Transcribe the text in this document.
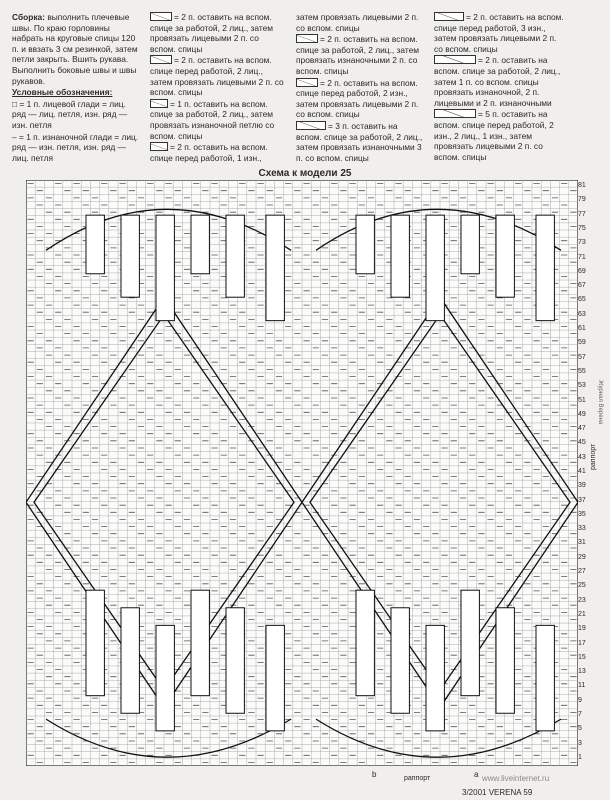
Сборка: выполнить плечевые швы. По краю горловины набрать на круговые спицы 120 п. и ввзать 3 см резинкой, затем петли закрыть. Вшить рукава. Выполнить боковые швы и швы рукавов.

Условные обозначения:

□ = 1 п. лицевой глади = лиц. ряд — лиц. петля, изн. ряд — изн. петля

– = 1 п. изнаночной глади = лиц. ряд — изн. петля, изн. ряд — лиц. петля

= 2 п. оставить на вспом. спице за работой, 2 лиц., затем провязать лицевыми 2 п. со вспом. спицы

= 2 п. оставить на вспом. спице перед работой, 2 лиц., затем провязать лицевыми 2 п. со вспом. спицы

= 1 п. оставить на вспом. спице за работой, 2 лиц., затем провязать изнаночной петлю со вспом. спицы

= 2 п. оставить на вспом. спице перед работой, 1 изн.,

затем провязать лицевыми 2 п. со вспом. спицы

= 2 п. оставить на вспом. спице за работой, 2 лиц., затем провязать изнаночными 2 п. со вспом. спицы

= 2 п. оставить на вспом. спице перед работой, 2 изн., затем провязать лицевыми 2 п. со вспом. спицы

= 3 п. оставить на вспом. спице за работой, 2 лиц., затем провязать изнаночными 3 п. со вспом. спицы

= 2 п. оставить на вспом. спице перед работой, 3 изн., затем провязать лицевыми 2 п. со вспом. спицы

= 2 п. оставить на вспом. спице за работой, 2 лиц., затем 1 п. со вспом. спицы провязать изнаночной, 2 п. лицевыми и 2 п. изнаночными

= 5 п. оставить на вспом. спице перед работой, 2 изн., 2 лиц., 1 изн., затем провязать лицевыми 2 п. со вспом. спицы

Схема к модели 25
1
3
5
7
9
11
13
15
17
19
21
23
25
27
29
31
33
35
37
39
41
43
45
47
49
51
53
55
57
59
61
63
65
67
69
71
73
75
77
79
81
раппорт
раппорт	a
b	www.liveinternet.ru
3/2001 VERENA 59
Журнал Верена
